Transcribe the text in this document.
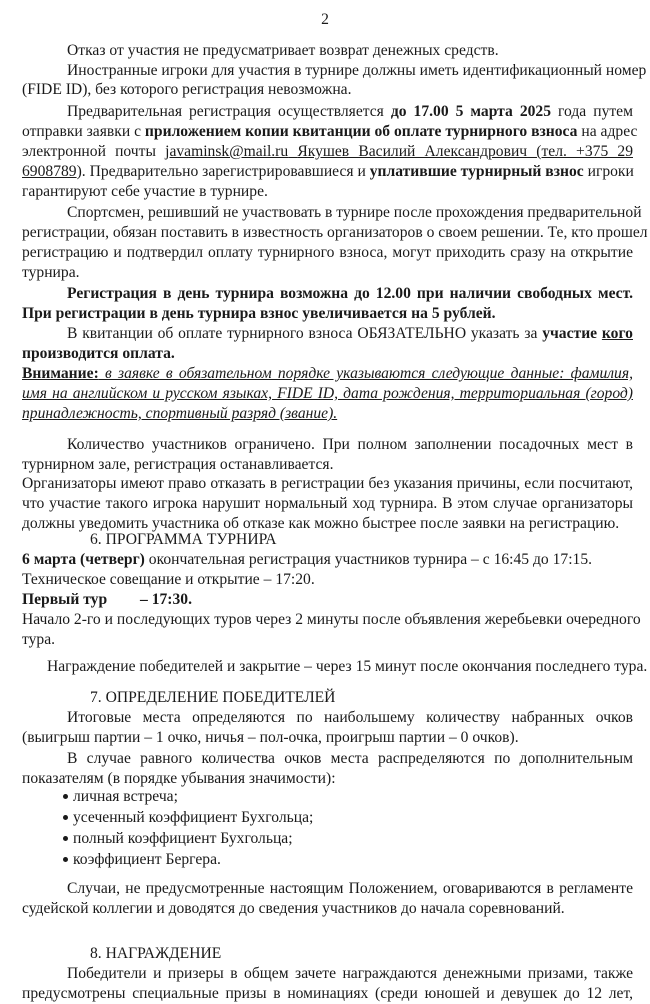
2
Отказ от участия не предусматривает возврат денежных средств.
Иностранные игроки для участия в турнире должны иметь идентификационный номер
(FIDE ID), без которого регистрация невозможна.
Предварительная регистрация осуществляется до 17.00 5 марта 2025 года путем
отправки заявки с приложением копии квитанции об оплате турнирного взноса на адрес
электронной почты javaminsk@mail.ru Якушев Василий Александрович (тел. +375 29
6908789). Предварительно зарегистрировавшиеся и уплатившие турнирный взнос игроки
гарантируют себе участие в турнире.
Спортсмен, решивший не участвовать в турнире после прохождения предварительной
регистрации, обязан поставить в известность организаторов о своем решении. Те, кто прошел
регистрацию и подтвердил оплату турнирного взноса, могут приходить сразу на открытие
турнира.
Регистрация в день турнира возможна до 12.00 при наличии свободных мест.
При регистрации в день турнира взнос увеличивается на 5 рублей.
В квитанции об оплате турнирного взноса ОБЯЗАТЕЛЬНО указать за участие кого
производится оплата.
Внимание: в заявке в обязательном порядке указываются следующие данные: фамилия,
имя на английском и русском языках, FIDE ID, дата рождения, территориальная (город)
принадлежность, спортивный разряд (звание).
Количество участников ограничено. При полном заполнении посадочных мест в
турнирном зале, регистрация останавливается.
Организаторы имеют право отказать в регистрации без указания причины, если посчитают,
что участие такого игрока нарушит нормальный ход турнира. В этом случае организаторы
должны уведомить участника об отказе как можно быстрее после заявки на регистрацию.
6. ПРОГРАММА ТУРНИРА
6 марта (четверг) окончательная регистрация участников турнира – с 16:45 до 17:15.
Техническое совещание и открытие – 17:20.
Первый тур – 17:30.
Начало 2-го и последующих туров через 2 минуты после объявления жеребьевки очередного
тура.
Награждение победителей и закрытие – через 15 минут после окончания последнего тура.
7. ОПРЕДЕЛЕНИЕ ПОБЕДИТЕЛЕЙ
Итоговые места определяются по наибольшему количеству набранных очков
(выигрыш партии – 1 очко, ничья – пол-очка, проигрыш партии – 0 очков).
В случае равного количества очков места распределяются по дополнительным
показателям (в порядке убывания значимости):
личная встреча;
усеченный коэффициент Бухгольца;
полный коэффициент Бухгольца;
коэффициент Бергера.
Случаи, не предусмотренные настоящим Положением, оговариваются в регламенте
судейской коллегии и доводятся до сведения участников до начала соревнований.
8. НАГРАЖДЕНИЕ
Победители и призеры в общем зачете награждаются денежными призами, также
предусмотрены специальные призы в номинациях (среди юношей и девушек до 12 лет,
